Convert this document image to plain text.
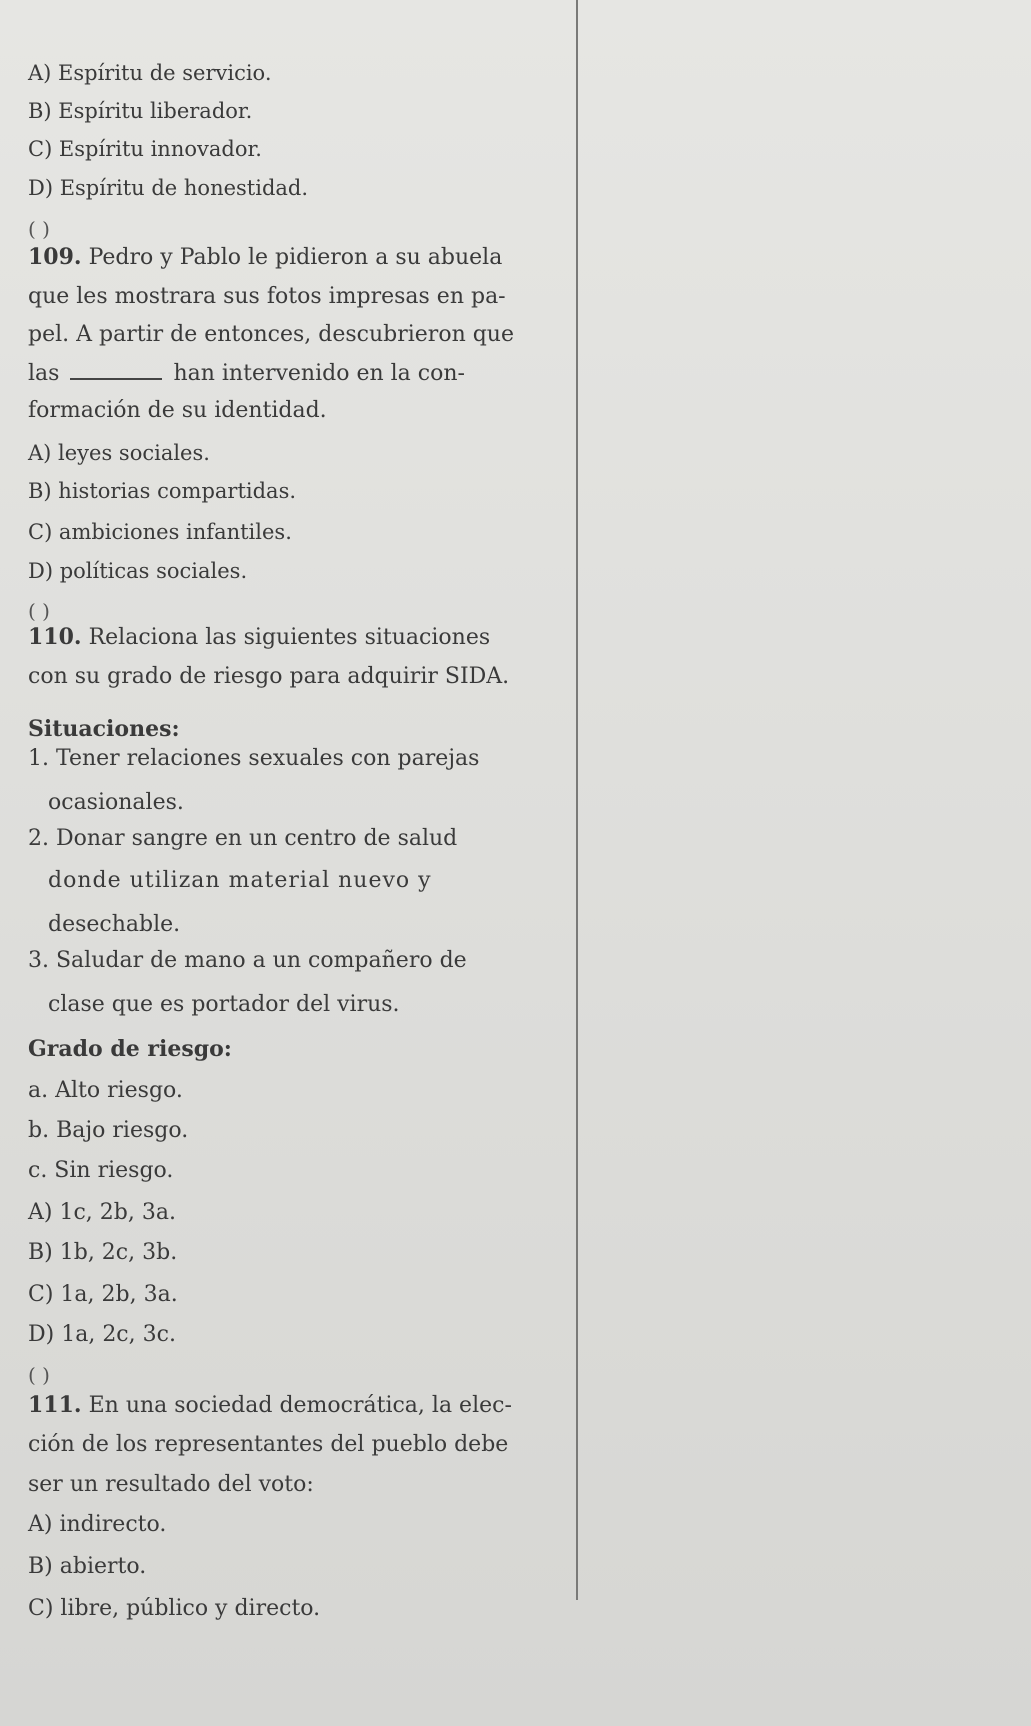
A) Espíritu de servicio.
B) Espíritu liberador.
C) Espíritu innovador.
D) Espíritu de honestidad.
( )
109. Pedro y Pablo le pidieron a su abuela
que les mostrara sus fotos impresas en pa-
pel. A partir de entonces, descubrieron que
las	han intervenido en la con-
formación de su identidad.
A) leyes sociales.
B) historias compartidas.
C) ambiciones infantiles.
D) políticas sociales.
( )
110. Relaciona las siguientes situaciones
con su grado de riesgo para adquirir SIDA.
Situaciones:
1. Tener relaciones sexuales con parejas
ocasionales.
2. Donar sangre en un centro de salud
donde utilizan material nuevo y
desechable.
3. Saludar de mano a un compañero de
clase que es portador del virus.
Grado de riesgo:
a. Alto riesgo.
b. Bajo riesgo.
c. Sin riesgo.
A) 1c, 2b, 3a.
B) 1b, 2c, 3b.
C) 1a, 2b, 3a.
D) 1a, 2c, 3c.
( )
111. En una sociedad democrática, la elec-
ción de los representantes del pueblo debe
ser un resultado del voto:
A) indirecto.
B) abierto.
C) libre, público y directo.
